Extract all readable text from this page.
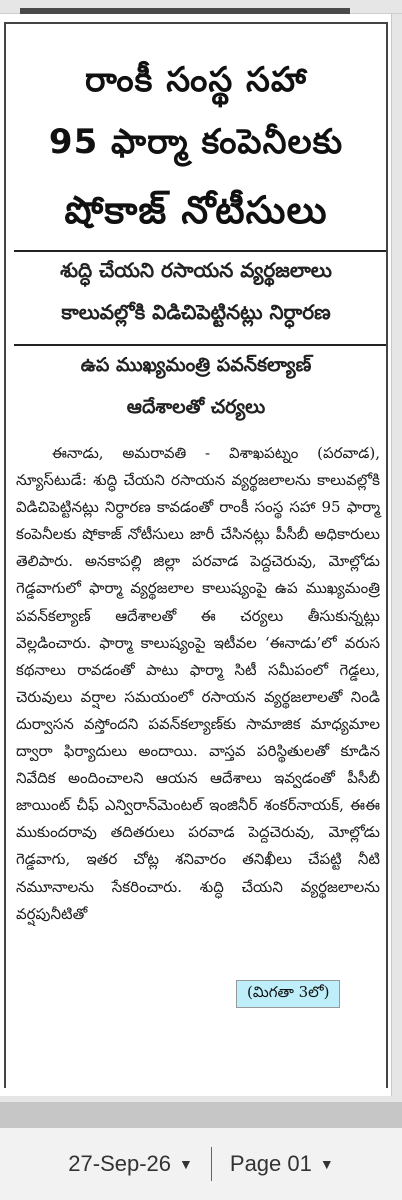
రాంకీ సంస్థ సహా
95 ఫార్మా కంపెనీలకు
షోకాజ్ నోటీసులు
శుద్ధి చేయని రసాయన వ్యర్థజలాలు
కాలువల్లోకి విడిచిపెట్టినట్లు నిర్ధారణ
ఉప ముఖ్యమంత్రి పవన్‌కల్యాణ్
ఆదేశాలతో చర్యలు
ఈనాడు, అమరావతి - విశాఖపట్నం (పరవాడ), న్యూస్‌టుడే: శుద్ధి చేయని రసాయన వ్యర్థజలాలను కాలువల్లోకి విడిచిపెట్టినట్లు నిర్ధారణ కావడంతో రాంకీ సంస్థ సహా 95 ఫార్మా కంపెనీలకు షోకాజ్ నోటీసులు జారీ చేసినట్లు పీసీబీ అధికారులు తెలిపారు. అనకాపల్లి జిల్లా పరవాడ పెద్దచెరువు, మోల్లోడు గెడ్డవాగులో ఫార్మా వ్యర్థజలాల కాలుష్యంపై ఉప ముఖ్యమంత్రి పవన్‌కల్యాణ్ ఆదేశాలతో ఈ చర్యలు తీసుకున్నట్లు వెల్లడించారు. ఫార్మా కాలుష్యంపై ఇటీవల ‘ఈనాడు’లో వరుస కథనాలు రావడంతో పాటు ఫార్మా సిటీ సమీపంలో గెడ్డలు, చెరువులు వర్షాల సమయంలో రసాయన వ్యర్థజలాలతో నిండి దుర్వాసన వస్తోందని పవన్‌కల్యాణ్‌కు సామాజిక మాధ్యమాల ద్వారా ఫిర్యాదులు అందాయి. వాస్తవ పరిస్థితులతో కూడిన నివేదిక అందించాలని ఆయన ఆదేశాలు ఇవ్వడంతో పీసీబీ జాయింట్ చీఫ్ ఎన్విరాన్‌మెంటల్ ఇంజినీర్ శంకర్‌నాయక్, ఈఈ ముకుందరావు తదితరులు పరవాడ పెద్దచెరువు, మోల్లోడు గెడ్డవాగు, ఇతర చోట్ల శనివారం తనిఖీలు చేపట్టి నీటి నమూనాలను సేకరించారు. శుద్ధి చేయని వ్యర్థజలాలను వర్షపునీటితో
(మిగతా 3లో)
27-Sep-26 ▼ Page 01 ▼
